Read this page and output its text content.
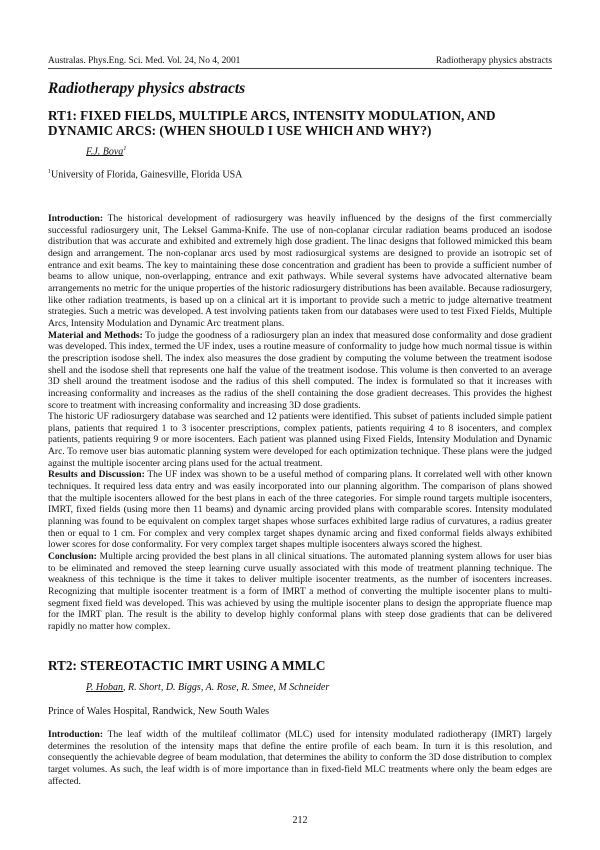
Australas. Phys.Eng. Sci. Med. Vol. 24, No 4, 2001	Radiotherapy physics abstracts
Radiotherapy physics abstracts
RT1: FIXED FIELDS, MULTIPLE ARCS, INTENSITY MODULATION, AND DYNAMIC ARCS: (WHEN SHOULD I USE WHICH AND WHY?)
F.J. Bova$^1$
$^1$University of Florida, Gainesville, Florida USA

Introduction: The historical development of radiosurgery was heavily influenced by the designs of the first commercially successful radiosurgery unit, The Leksel Gamma-Knife. The use of non-coplanar circular radiation beams produced an isodose distribution that was accurate and exhibited and extremely high dose gradient. The linac designs that followed mimicked this beam design and arrangement. The non-coplanar arcs used by most radiosurgical systems are designed to provide an isotropic set of entrance and exit beams. The key to maintaining these dose concentration and gradient has been to provide a sufficient number of beams to allow unique, non-overlapping, entrance and exit pathways. While several systems have advocated alternative beam arrangements no metric for the unique properties of the historic radiosurgery distributions has been available. Because radiosurgery, like other radiation treatments, is based up on a clinical art it is important to provide such a metric to judge alternative treatment strategies. Such a metric was developed. A test involving patients taken from our databases were used to test Fixed Fields, Multiple Arcs, Intensity Modulation and Dynamic Arc treatment plans.

Material and Methods: To judge the goodness of a radiosurgery plan an index that measured dose conformality and dose gradient was developed. This index, termed the UF index, uses a routine measure of conformality to judge how much normal tissue is within the prescription isodose shell. The index also measures the dose gradient by computing the volume between the treatment isodose shell and the isodose shell that represents one half the value of the treatment isodose. This volume is then converted to an average 3D shell around the treatment isodose and the radius of this shell computed. The index is formulated so that it increases with increasing conformality and increases as the radius of the shell containing the dose gradient decreases. This provides the highest score to treatment with increasing conformality and increasing 3D dose gradients.

The historic UF radiosurgery database was searched and 12 patients were identified. This subset of patients included simple patient plans, patients that required 1 to 3 isocenter prescriptions, complex patients, patients requiring 4 to 8 isocenters, and complex patients, patients requiring 9 or more isocenters. Each patient was planned using Fixed Fields, Intensity Modulation and Dynamic Arc. To remove user bias automatic planning system were developed for each optimization technique. These plans were the judged against the multiple isocenter arcing plans used for the actual treatment.

Results and Discussion: The UF index was shown to be a useful method of comparing plans. It correlated well with other known techniques. It required less data entry and was easily incorporated into our planning algorithm. The comparison of plans showed that the multiple isocenters allowed for the best plans in each of the three categories. For simple round targets multiple isocenters, IMRT, fixed fields (using more then 11 beams) and dynamic arcing provided plans with comparable scores. Intensity modulated planning was found to be equivalent on complex target shapes whose surfaces exhibited large radius of curvatures, a radius greater then or equal to 1 cm. For complex and very complex target shapes dynamic arcing and fixed conformal fields always exhibited lower scores for dose conformality. For very complex target shapes multiple isocenters always scored the highest.

Conclusion: Multiple arcing provided the best plans in all clinical situations. The automated planning system allows for user bias to be eliminated and removed the steep learning curve usually associated with this mode of treatment planning technique. The weakness of this technique is the time it takes to deliver multiple isocenter treatments, as the number of isocenters increases. Recognizing that multiple isocenter treatment is a form of IMRT a method of converting the multiple isocenter plans to multi-segment fixed field was developed. This was achieved by using the multiple isocenter plans to design the appropriate fluence map for the IMRT plan. The result is the ability to develop highly conformal plans with steep dose gradients that can be delivered rapidly no matter how complex.

RT2: STEREOTACTIC IMRT USING A MMLC
P. Hoban, R. Short, D. Biggs, A. Rose, R. Smee, M Schneider
Prince of Wales Hospital, Randwick, New South Wales

Introduction: The leaf width of the multileaf collimator (MLC) used for intensity modulated radiotherapy (IMRT) largely determines the resolution of the intensity maps that define the entire profile of each beam. In turn it is this resolution, and consequently the achievable degree of beam modulation, that determines the ability to conform the 3D dose distribution to complex target volumes. As such, the leaf width is of more importance than in fixed-field MLC treatments where only the beam edges are affected.

212
